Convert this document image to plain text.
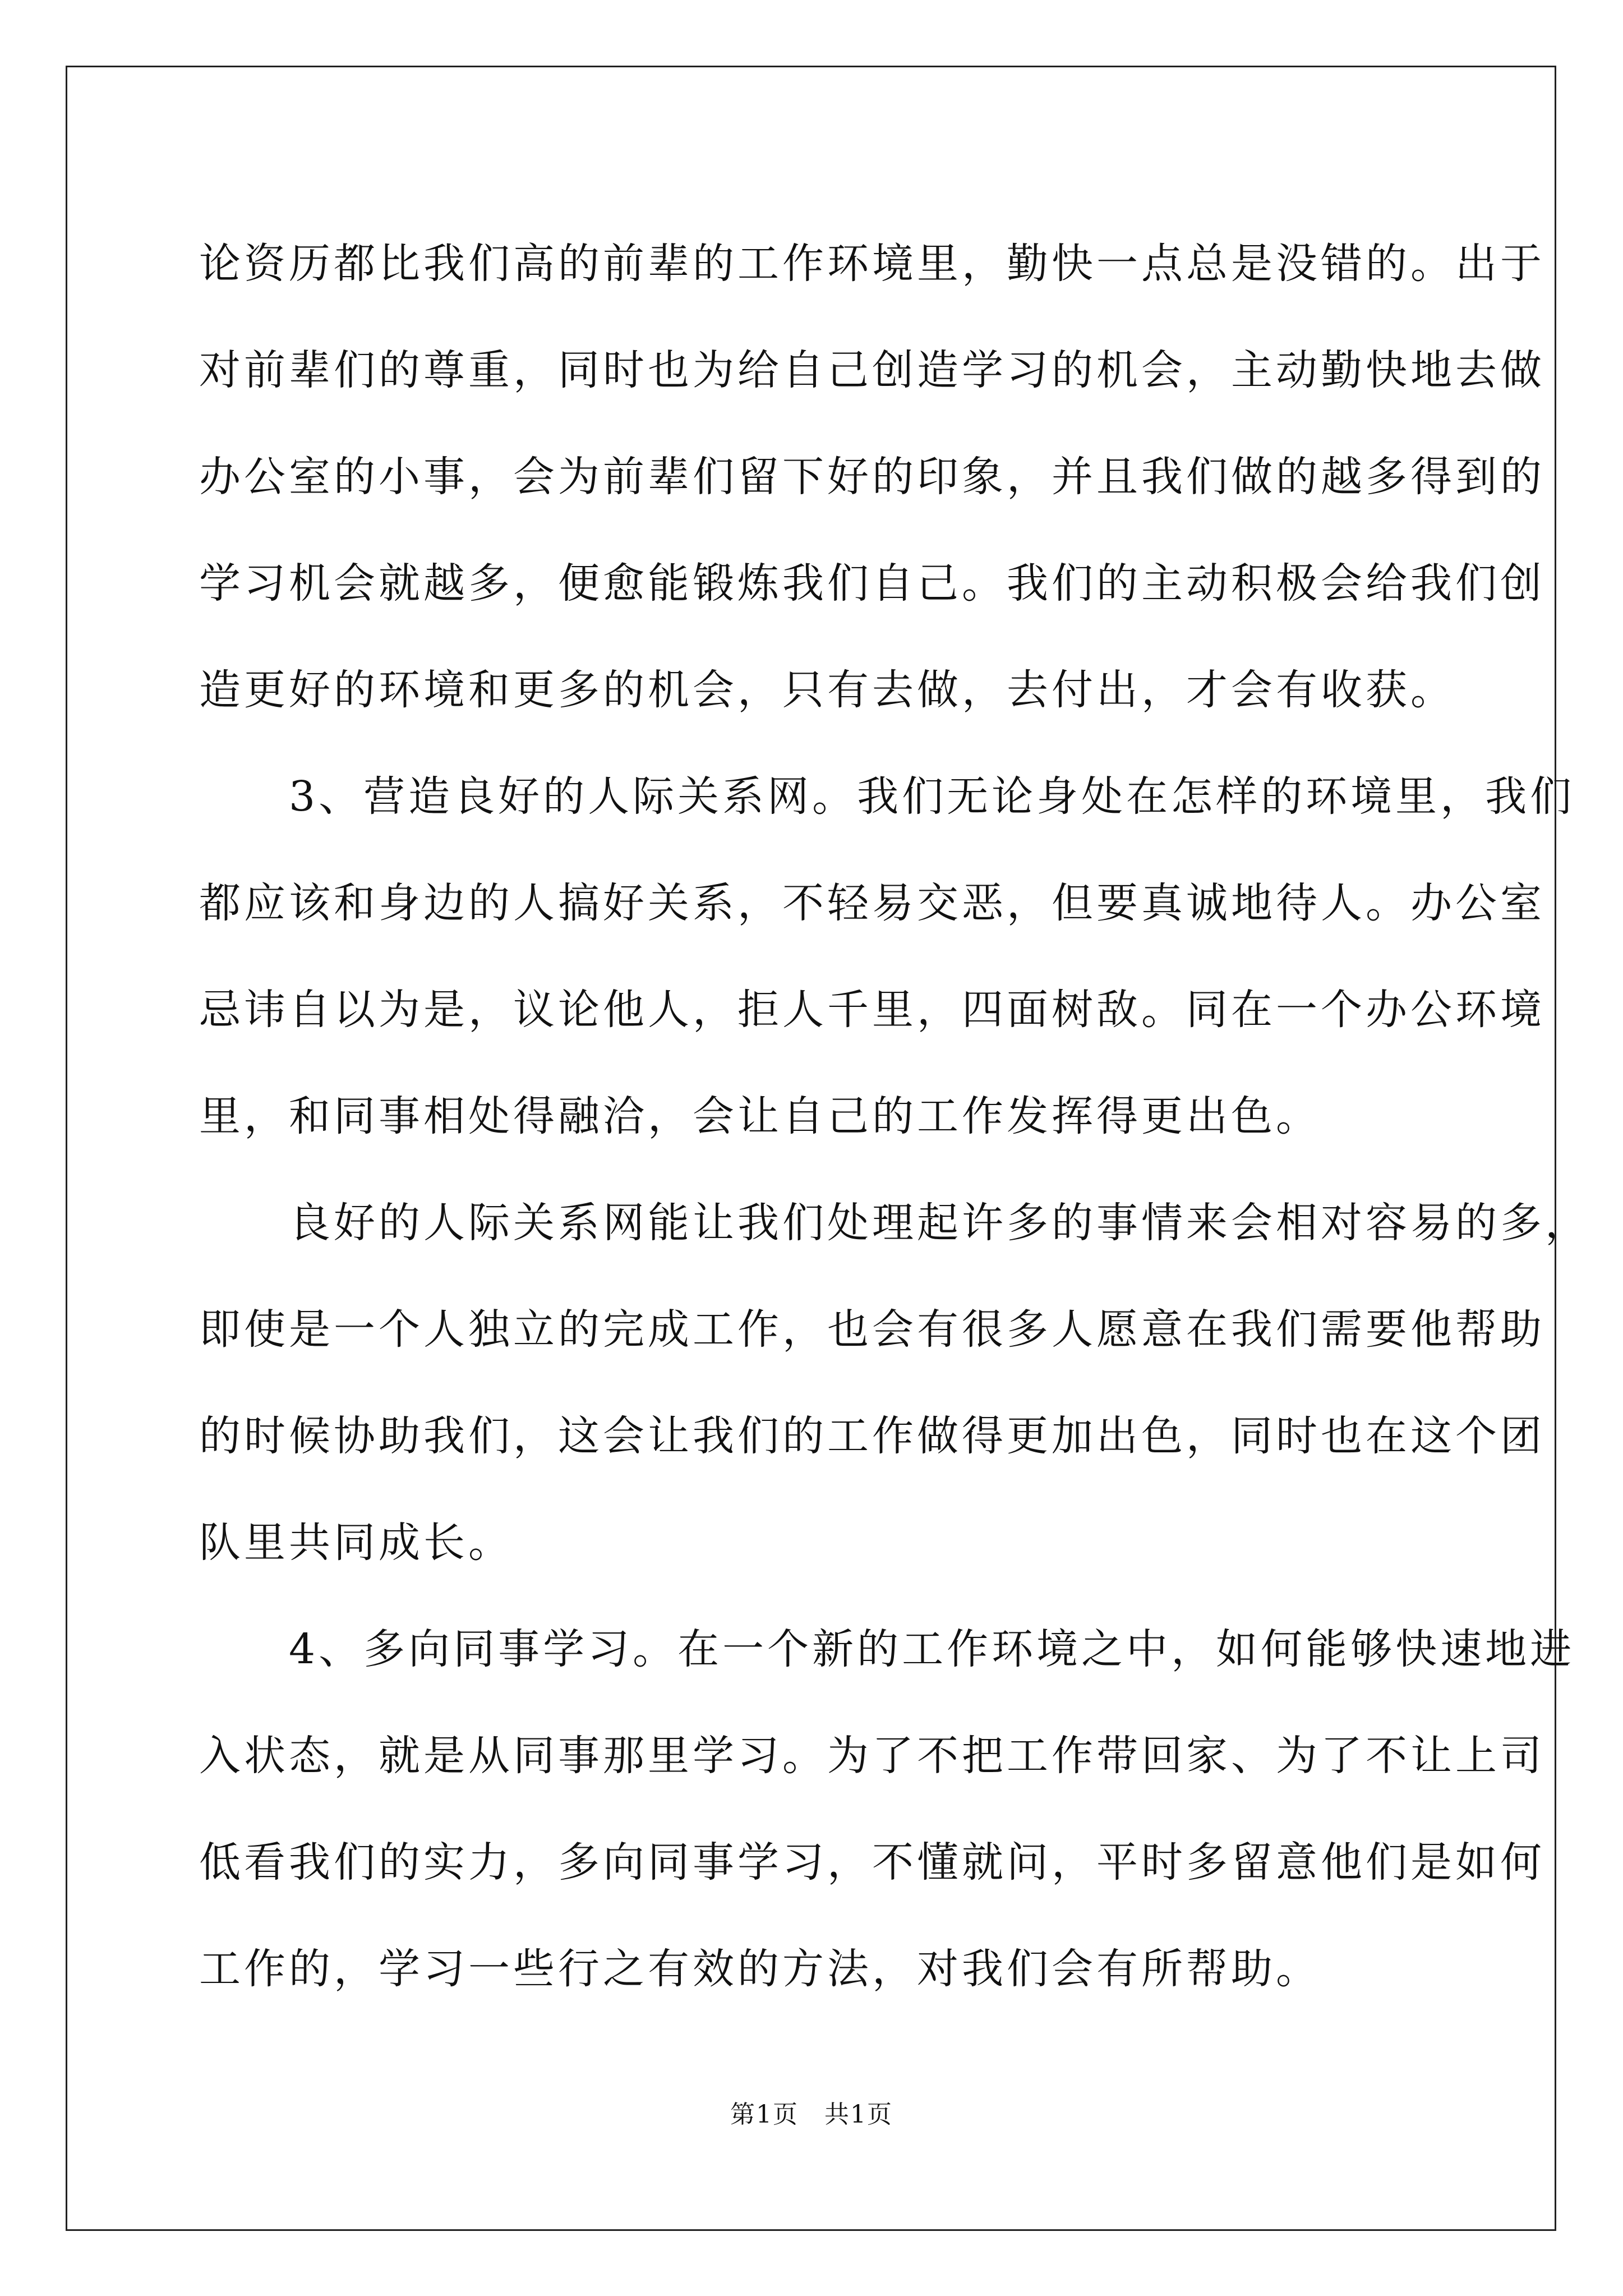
论资历都比我们高的前辈的工作环境里，勤快一点总是没错的。出于
对前辈们的尊重，同时也为给自己创造学习的机会，主动勤快地去做
办公室的小事，会为前辈们留下好的印象，并且我们做的越多得到的
学习机会就越多，便愈能锻炼我们自己。我们的主动积极会给我们创
造更好的环境和更多的机会，只有去做，去付出，才会有收获。
　　3、营造良好的人际关系网。我们无论身处在怎样的环境里，我们
都应该和身边的人搞好关系，不轻易交恶，但要真诚地待人。办公室
忌讳自以为是，议论他人，拒人千里，四面树敌。同在一个办公环境
里，和同事相处得融洽，会让自己的工作发挥得更出色。
　　良好的人际关系网能让我们处理起许多的事情来会相对容易的多，
即使是一个人独立的完成工作，也会有很多人愿意在我们需要他帮助
的时候协助我们，这会让我们的工作做得更加出色，同时也在这个团
队里共同成长。
　　4、多向同事学习。在一个新的工作环境之中，如何能够快速地进
入状态，就是从同事那里学习。为了不把工作带回家、为了不让上司
低看我们的实力，多向同事学习，不懂就问，平时多留意他们是如何
工作的，学习一些行之有效的方法，对我们会有所帮助。
第1页 共1页
